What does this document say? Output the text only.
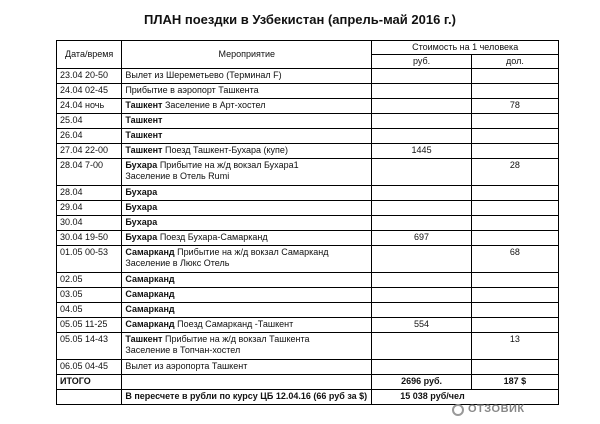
ПЛАН поездки в Узбекистан (апрель-май 2016 г.)
Дата/время	Мероприятие	Стоимость на 1 человека	
		руб.	дол.
23.04 20-50	Вылет из Шереметьево (Терминал F)		

24.04 02-45	Прибытие в аэропорт Ташкента		

24.04 ночь	Ташкент Заселение в Арт-хостел		78
25.04	Ташкент		

26.04	Ташкент		

27.04 22-00	Ташкент Поезд Ташкент-Бухара (купе)	1445	
28.04 7-00	Бухара Прибытие на ж/д вокзал Бухара1
Заселение в Отель Rumi		28
28.04	Бухара		

29.04	Бухара		

30.04	Бухара		

30.04 19-50	Бухара Поезд Бухара-Самарканд	697	
01.05 00-53	Самарканд Прибытие на ж/д вокзал Самарканд
Заселение в Люкс Отель		68
02.05	Самарканд		

03.05	Самарканд		

04.05	Самарканд		

05.05 11-25	Самарканд Поезд Самарканд -Ташкент	554	
05.05 14-43	Ташкент Прибытие на ж/д вокзал Ташкента
Заселение в Топчан-хостел		13
06.05 04-45	Вылет из аэропорта Ташкент		

ИТОГО		2696 руб.	187 $
	В пересчете в рубли по курсу ЦБ 12.04.16 (66 руб за $)	15 038 руб/чел	
ОТЗОВИК
